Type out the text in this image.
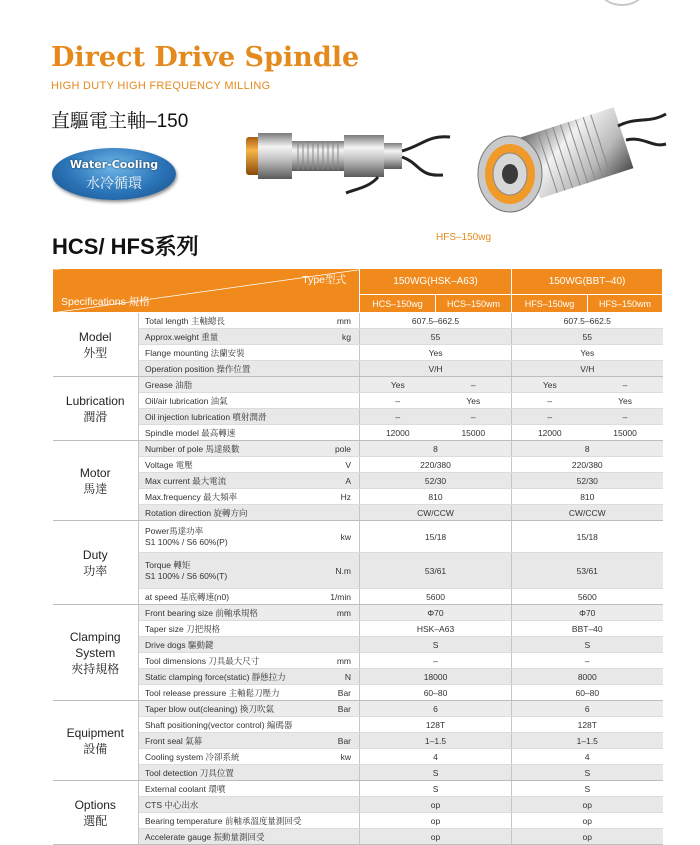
Direct Drive Spindle
HIGH DUTY HIGH FREQUENCY MILLING
直驅電主軸–150
Water-Cooling
水冷循環
HFS–150wg
HCS/ HFS系列
Type型式
Specifications 規格			150WG(HSK–A63)		150WG(BBT–40)	
			HCS–150wg	HCS–150wm	HFS–150wg	HFS–150wm
Model
外型	Total length 主軸總長	mm	607.5–662.5		607.5–662.5	
	Approx.weight 重量	kg	55		55	
	Flange mounting 法蘭安裝		Yes		Yes	
	Operation position 操作位置		V/H		V/H	
Lubrication
潤滑	Grease 油脂		Yes	–	Yes	–
	Oil/air lubrication 油氣		–	Yes	–	Yes
	Oil injection lubrication 噴射潤滑		–	–	–	–
	Spindle model 最高轉速		12000	15000	12000	15000
Motor
馬達	Number of pole 馬達級數	pole	8		8	
	Voltage 電壓	V	220/380		220/380	
	Max current 最大電流	A	52/30		52/30	
	Max.frequency 最大頻率	Hz	810		810	
	Rotation direction 旋轉方向		CW/CCW		CW/CCW	
Duty
功率	Power馬達功率
S1 100% / S6 60%(P)	kw	15/18		15/18	
	Torque 轉矩
S1 100% / S6 60%(T)	N.m	53/61		53/61	
	at speed 基底轉速(n0)	1/min	5600		5600	
Clamping System
夾持規格	Front bearing size 前軸承規格	mm	Φ70		Φ70	
	Taper size 刀把規格		HSK–A63		BBT–40	
	Drive dogs 驅動鍵		S		S	
	Tool dimensions 刀具最大尺寸	mm	–		–	
	Static clamping force(static) 靜態拉力	N	18000		8000	
	Tool release pressure 主軸鬆刀壓力	Bar	60–80		60–80	
Equipment
設備	Taper blow out(cleaning) 換刀吹氣	Bar	6		6	
	Shaft positioning(vector control) 編碼器		128T		128T	
	Front seal 氣幕	Bar	1–1.5		1–1.5	
	Cooling system 冷卻系統	kw	4		4	
	Tool detection 刀具位置		S		S	
Options
選配	External coolant 環噴		S		S	
	CTS 中心出水		op		op	
	Bearing temperature 前軸承溫度量測回受		op		op	
	Accelerate gauge 振動量測回受		op		op	
